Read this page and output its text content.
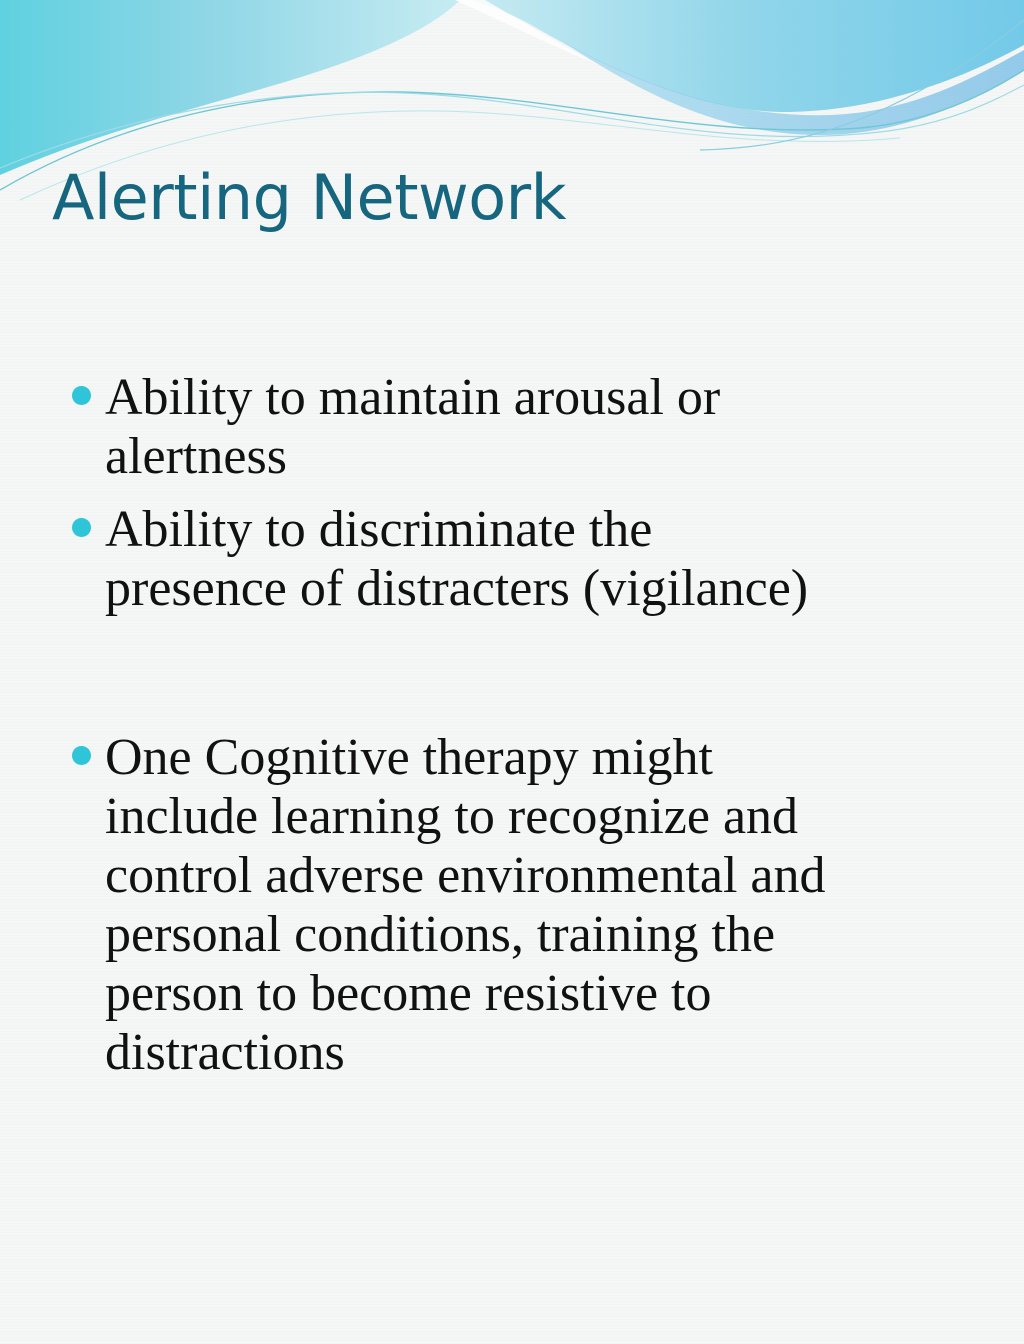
Alerting Network
Ability to maintain arousal or alertness
Ability to discriminate the presence of distracters (vigilance)
One Cognitive therapy might include learning to recognize and control adverse environmental and personal conditions, training the person to become resistive to distractions
